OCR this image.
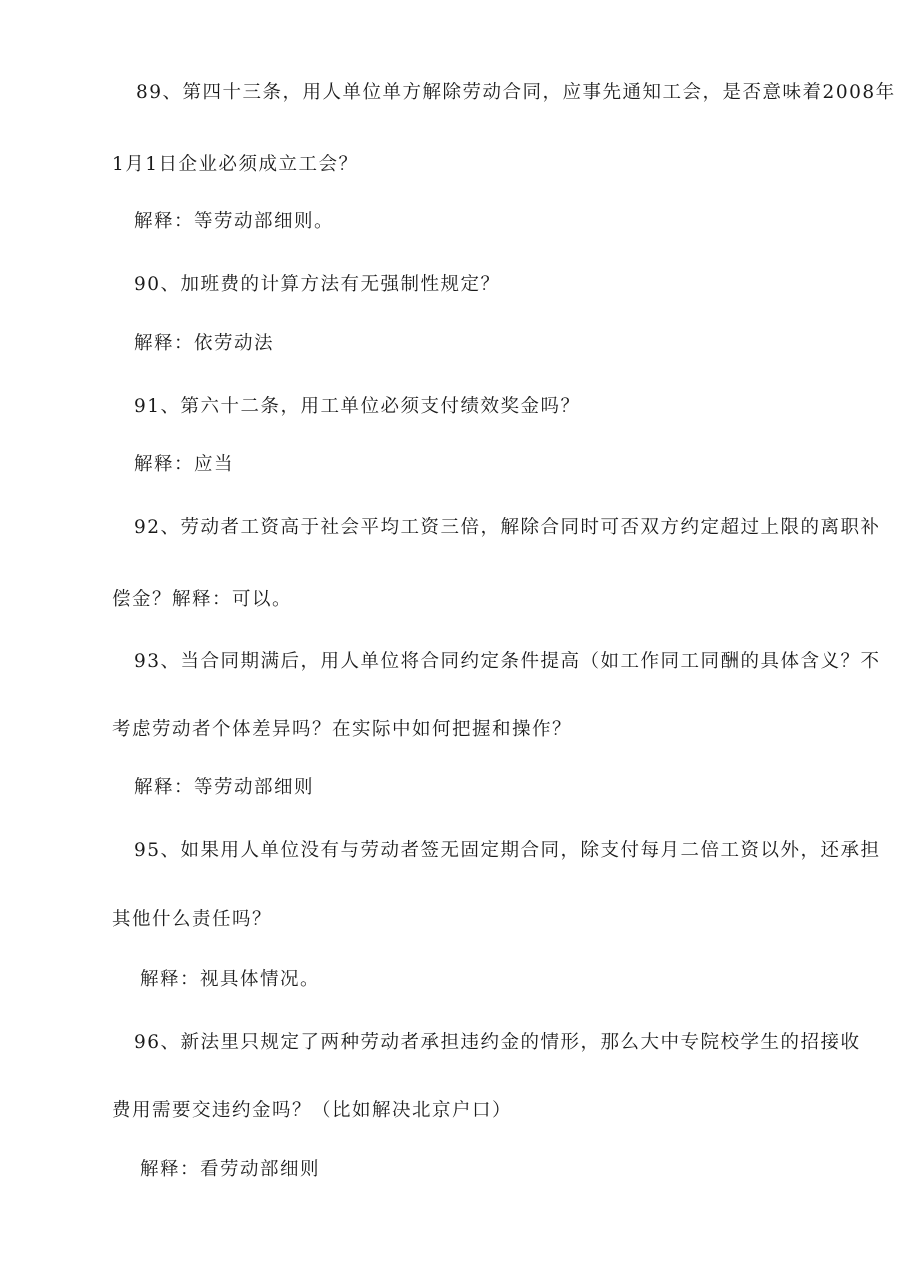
89、第四十三条，用人单位单方解除劳动合同，应事先通知工会，是否意味着2008年
1月1日企业必须成立工会？
解释：等劳动部细则。
90、加班费的计算方法有无强制性规定？
解释：依劳动法
91、第六十二条，用工单位必须支付绩效奖金吗？
解释：应当
92、劳动者工资高于社会平均工资三倍，解除合同时可否双方约定超过上限的离职补
偿金？解释：可以。
93、当合同期满后，用人单位将合同约定条件提高（如工作同工同酬的具体含义？不
考虑劳动者个体差异吗？在实际中如何把握和操作？
解释：等劳动部细则
95、如果用人单位没有与劳动者签无固定期合同，除支付每月二倍工资以外，还承担
其他什么责任吗？
解释：视具体情况。
96、新法里只规定了两种劳动者承担违约金的情形，那么大中专院校学生的招接收
费用需要交违约金吗？（比如解决北京户口）
解释：看劳动部细则
